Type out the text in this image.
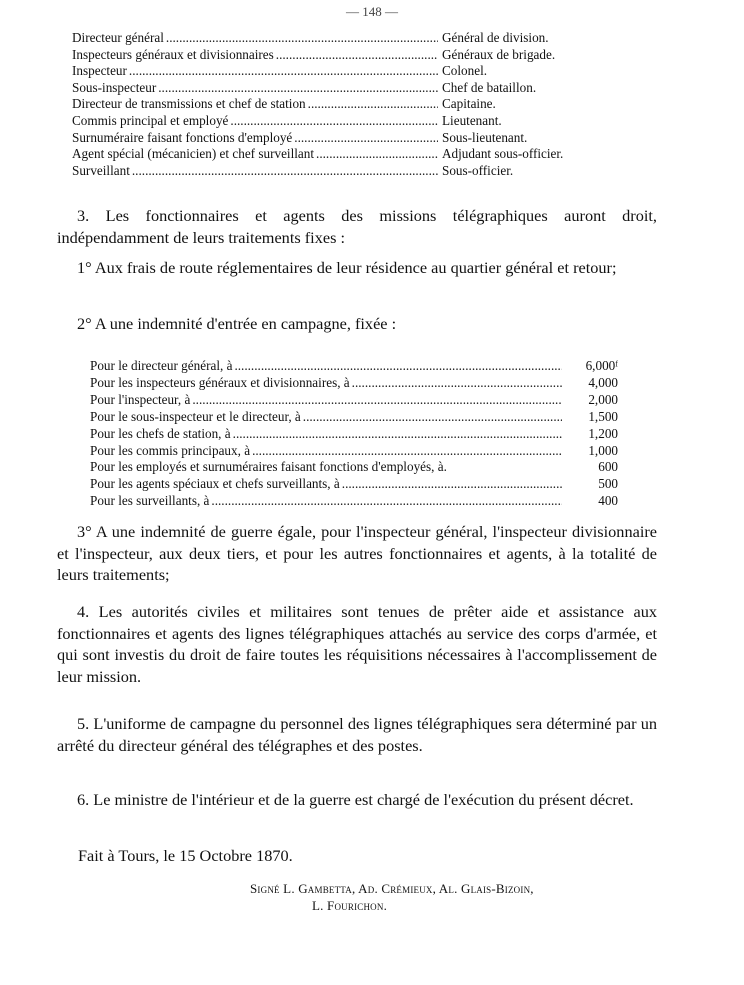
— 148 —
Directeur général .....	Général de division.
Inspecteurs généraux et divisionnaires .....	Généraux de brigade.
Inspecteur .....	Colonel.
Sous-inspecteur .....	Chef de bataillon.
Directeur de transmissions et chef de station .....	Capitaine.
Commis principal et employé .....	Lieutenant.
Surnuméraire faisant fonctions d'employé .....	Sous-lieutenant.
Agent spécial (mécanicien) et chef surveillant .....	Adjudant sous-officier.
Surveillant .....	Sous-officier.
3. Les fonctionnaires et agents des missions télégraphiques auront droit, indépendamment de leurs traitements fixes :
1° Aux frais de route réglementaires de leur résidence au quartier général et retour;
2° A une indemnité d'entrée en campagne, fixée :
Pour le directeur général, à .....	6,000ᶠ
Pour les inspecteurs généraux et divisionnaires, à .....	4,000
Pour l'inspecteur, à .....	2,000
Pour le sous-inspecteur et le directeur, à .....	1,500
Pour les chefs de station, à .....	1,200
Pour les commis principaux, à .....	1,000
Pour les employés et surnuméraires faisant fonctions d'employés, à.	600
Pour les agents spéciaux et chefs surveillants, à .....	500
Pour les surveillants, à .....	400
3° A une indemnité de guerre égale, pour l'inspecteur général, l'inspecteur divisionnaire et l'inspecteur, aux deux tiers, et pour les autres fonctionnaires et agents, à la totalité de leurs traitements;
4. Les autorités civiles et militaires sont tenues de prêter aide et assistance aux fonctionnaires et agents des lignes télégraphiques attachés au service des corps d'armée, et qui sont investis du droit de faire toutes les réquisitions nécessaires à l'accomplissement de leur mission.
5. L'uniforme de campagne du personnel des lignes télégraphiques sera déterminé par un arrêté du directeur général des télégraphes et des postes.
6. Le ministre de l'intérieur et de la guerre est chargé de l'exécution du présent décret.
Fait à Tours, le 15 Octobre 1870.
Signé L. Gambetta, Ad. Crémieux, Al. Glais-Bizoin,
L. Fourichon.
